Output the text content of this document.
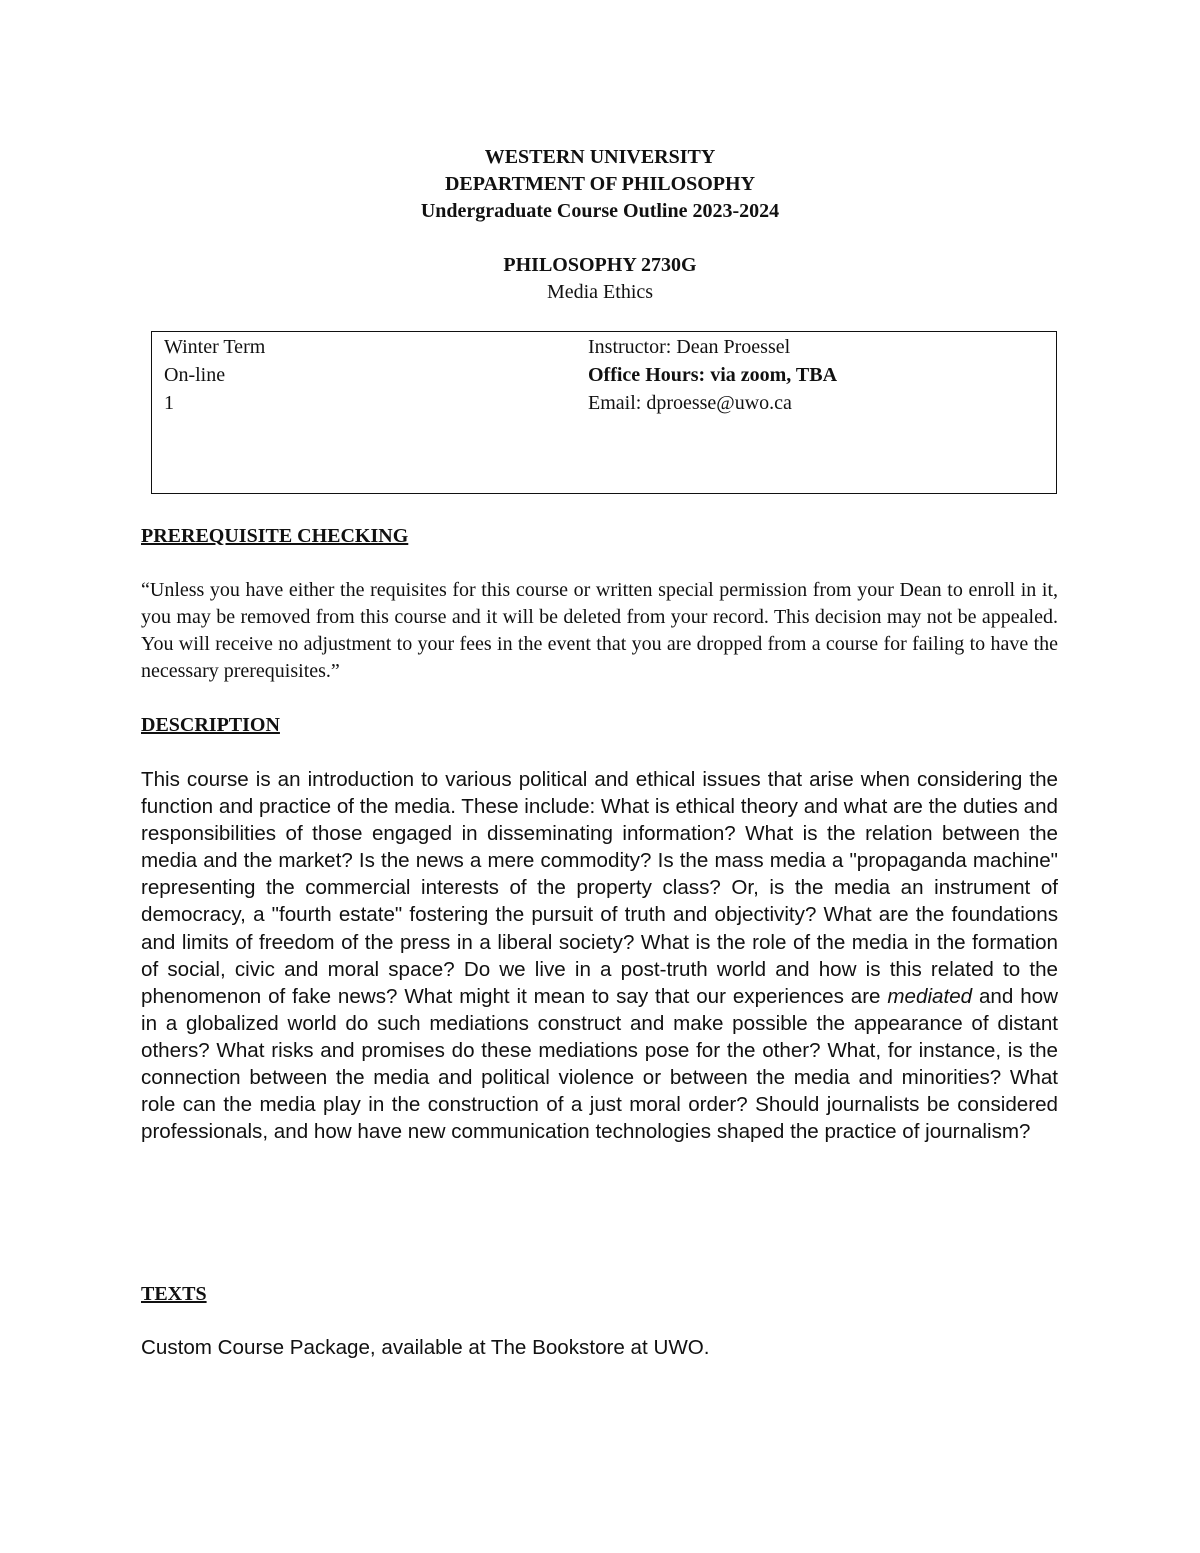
WESTERN UNIVERSITY
DEPARTMENT OF PHILOSOPHY
Undergraduate Course Outline 2023-2024
PHILOSOPHY 2730G
Media Ethics
Winter Term
On-line
1
Instructor: Dean Proessel
Office Hours: via zoom, TBA
Email: dproesse@uwo.ca
PREREQUISITE CHECKING
“Unless you have either the requisites for this course or written special permission from your Dean to enroll in it, you may be removed from this course and it will be deleted from your record. This decision may not be appealed. You will receive no adjustment to your fees in the event that you are dropped from a course for failing to have the necessary prerequisites.”
DESCRIPTION
This course is an introduction to various political and ethical issues that arise when considering the function and practice of the media. These include: What is ethical theory and what are the duties and responsibilities of those engaged in disseminating information? What is the relation between the media and the market? Is the news a mere commodity? Is the mass media a "propaganda machine" representing the commercial interests of the property class? Or, is the media an instrument of democracy, a "fourth estate" fostering the pursuit of truth and objectivity? What are the foundations and limits of freedom of the press in a liberal society? What is the role of the media in the formation of social, civic and moral space? Do we live in a post-truth world and how is this related to the phenomenon of fake news? What might it mean to say that our experiences are mediated and how in a globalized world do such mediations construct and make possible the appearance of distant others? What risks and promises do these mediations pose for the other? What, for instance, is the connection between the media and political violence or between the media and minorities? What role can the media play in the construction of a just moral order? Should journalists be considered professionals, and how have new communication technologies shaped the practice of journalism?
TEXTS
Custom Course Package, available at The Bookstore at UWO.
